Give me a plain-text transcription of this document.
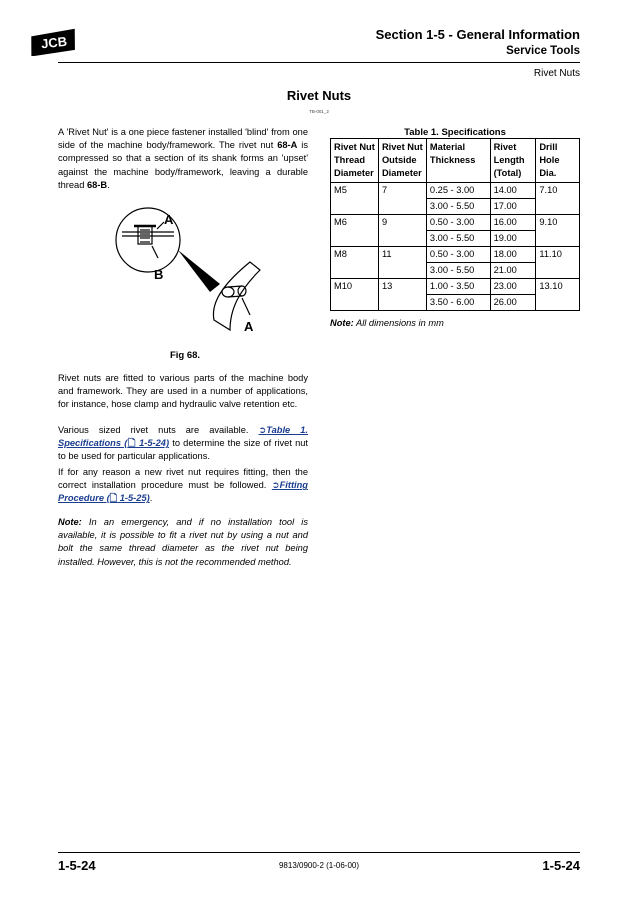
JCB	Section 1-5 - General Information
Service Tools
Rivet Nuts
Rivet Nuts
TB-001_2
A 'Rivet Nut' is a one piece fastener installed 'blind' from one side of the machine body/framework. The rivet nut 68-A is compressed so that a section of its shank forms an 'upset' against the machine body/framework, leaving a durable thread 68-B.
A
B
A
Fig 68.
Rivet nuts are fitted to various parts of the machine body and framework. They are used in a number of applications, for instance, hose clamp and hydraulic valve retention etc.
Various sized rivet nuts are available. ➲Table 1. Specifications (🗋 1-5-24) to determine the size of rivet nut to be used for particular applications.
If for any reason a new rivet nut requires fitting, then the correct installation procedure must be followed. ➲Fitting Procedure (🗋 1-5-25).
Note: In an emergency, and if no installation tool is available, it is possible to fit a rivet nut by using a nut and bolt the same thread diameter as the rivet nut being installed. However, this is not the recommended method.
Table 1. Specifications
Rivet Nut Thread Diameter	Rivet Nut Outside Diameter	Material Thickness	Rivet Length (Total)	Drill Hole Dia.
M5	7	0.25 - 3.00	14.00	7.10
		3.00 - 5.50	17.00	
M6	9	0.50 - 3.00	16.00	9.10
		3.00 - 5.50	19.00	
M8	11	0.50 - 3.00	18.00	11.10
		3.00 - 5.50	21.00	
M10	13	1.00 - 3.50	23.00	13.10
		3.50 - 6.00	26.00	
Note: All dimensions in mm
1-5-24	9813/0900-2 (1-06-00)	1-5-24
